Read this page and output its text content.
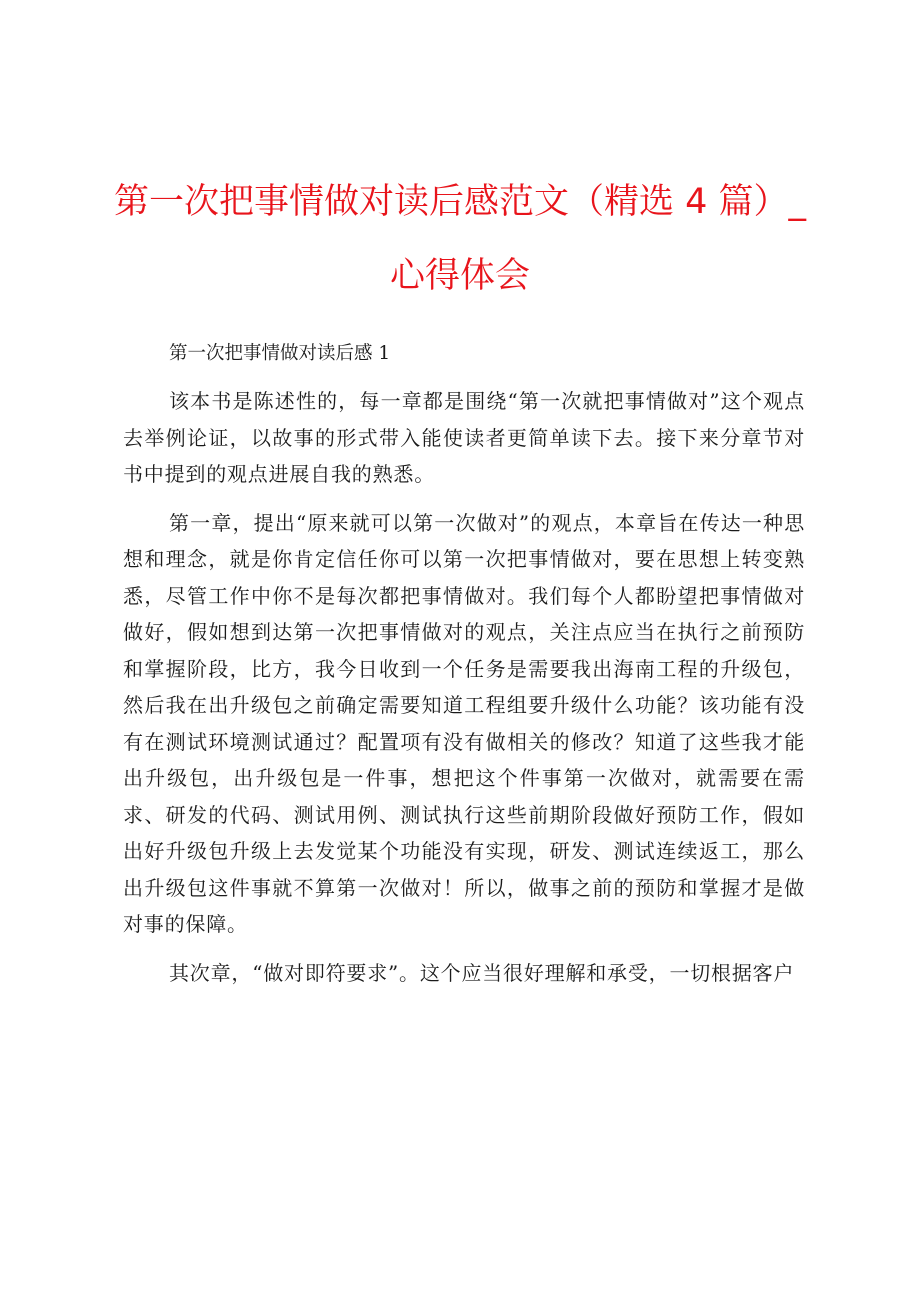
第一次把事情做对读后感范文（精选 4 篇）_心得体会

第一次把事情做对读后感 1

该本书是陈述性的，每一章都是围绕“第一次就把事情做对”这个观点去举例论证，以故事的形式带入能使读者更简单读下去。接下来分章节对书中提到的观点进展自我的熟悉。

第一章，提出“原来就可以第一次做对”的观点，本章旨在传达一种思想和理念，就是你肯定信任你可以第一次把事情做对，要在思想上转变熟悉，尽管工作中你不是每次都把事情做对。我们每个人都盼望把事情做对做好，假如想到达第一次把事情做对的观点，关注点应当在执行之前预防和掌握阶段，比方，我今日收到一个任务是需要我出海南工程的升级包，然后我在出升级包之前确定需要知道工程组要升级什么功能？该功能有没有在测试环境测试通过？配置项有没有做相关的修改？知道了这些我才能出升级包，出升级包是一件事，想把这个件事第一次做对，就需要在需求、研发的代码、测试用例、测试执行这些前期阶段做好预防工作，假如出好升级包升级上去发觉某个功能没有实现，研发、测试连续返工，那么出升级包这件事就不算第一次做对！所以，做事之前的预防和掌握才是做对事的保障。

其次章，“做对即符要求”。这个应当很好理解和承受，一切根据客户
